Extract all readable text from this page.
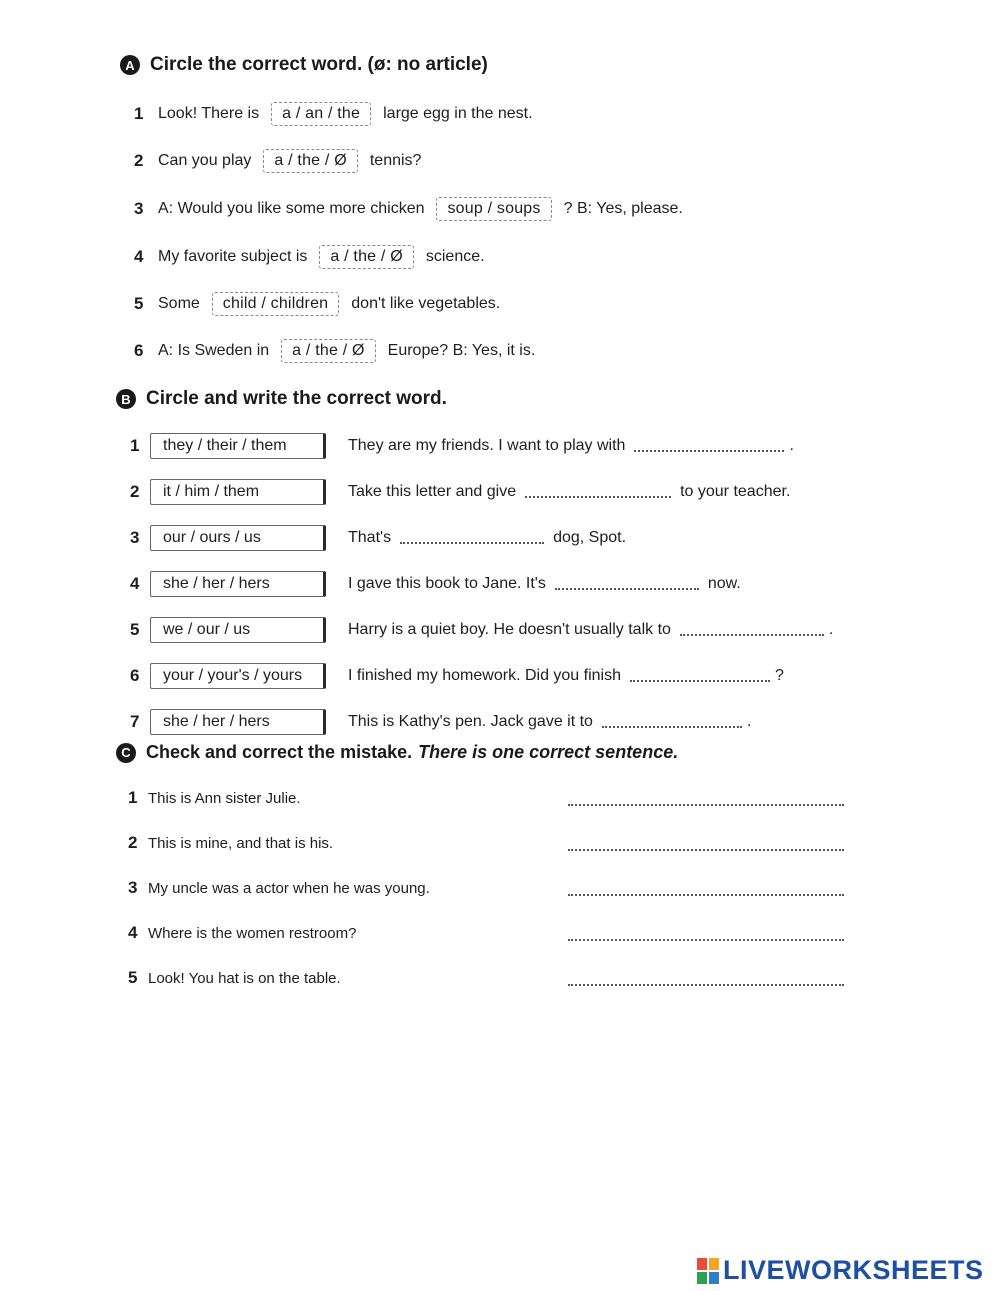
A Circle the correct word. (ø: no article)
1 Look! There is	a / an / the	large egg in the nest.
2 Can you play	a / the / Ø	tennis?
3 A: Would you like some more chicken	soup / soups	? B: Yes, please.
4 My favorite subject is	a / the / Ø	science.
5 Some	child / children	don't like vegetables.
6 A: Is Sweden in	a / the / Ø	Europe? B: Yes, it is.
B Circle and write the correct word.
1	they / their / them	They are my friends. I want to play with	.
2	it / him / them	Take this letter and give	to your teacher.
3	our / ours / us	That's	dog, Spot.
4	she / her / hers	I gave this book to Jane. It's	now.
5	we / our / us	Harry is a quiet boy. He doesn't usually talk to	.
6	your / your's / yours	I finished my homework. Did you finish	?
7	she / her / hers	This is Kathy's pen. Jack gave it to	.
C Check and correct the mistake. There is one correct sentence.
1 This is Ann sister Julie.
2 This is mine, and that is his.
3 My uncle was a actor when he was young.
4 Where is the women restroom?
5 Look! You hat is on the table.
LIVEWORKSHEETS
